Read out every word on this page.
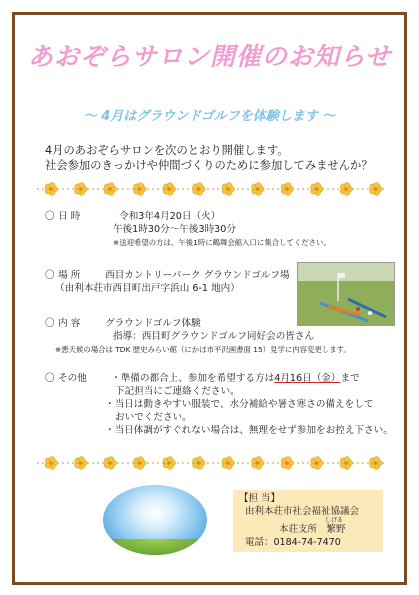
あおぞらサロン開催のお知らせ
～ 4月はグラウンドゴルフを体験します ～
4月のあおぞらサロンを次のとおり開催します。
社会参加のきっかけや仲間づくりのために参加してみませんか？
〇 日 時	令和3年4月20日（火）
午後1時30分～午後3時30分
※送迎希望の方は、午後1時に鶴舞会館入口に集合してください。
〇 場 所	西目カントリーパーク グラウンドゴルフ場
（由利本荘市西目町出戸字浜山 6-1 地内）
〇 内 容	グラウンドゴルフ体験
指導：西目町グラウンドゴルフ同好会の皆さん
※悪天候の場合は TDK 歴史みらい館（にかほ市平沢画書面 15）見学に内容変更します。
〇 その他	・準備の都合上、参加を希望する方は4月16日（金）まで
下記担当にご連絡ください。
・当日は動きやすい服装で、水分補給や暑さ寒さの備えをして
おいでください。
・当日体調がすぐれない場合は、無理をせず参加をお控え下さい。
【担 当】
由利本荘市社会福祉協議会
しげる
本荘支所　繁野
電話：0184-74-7470
